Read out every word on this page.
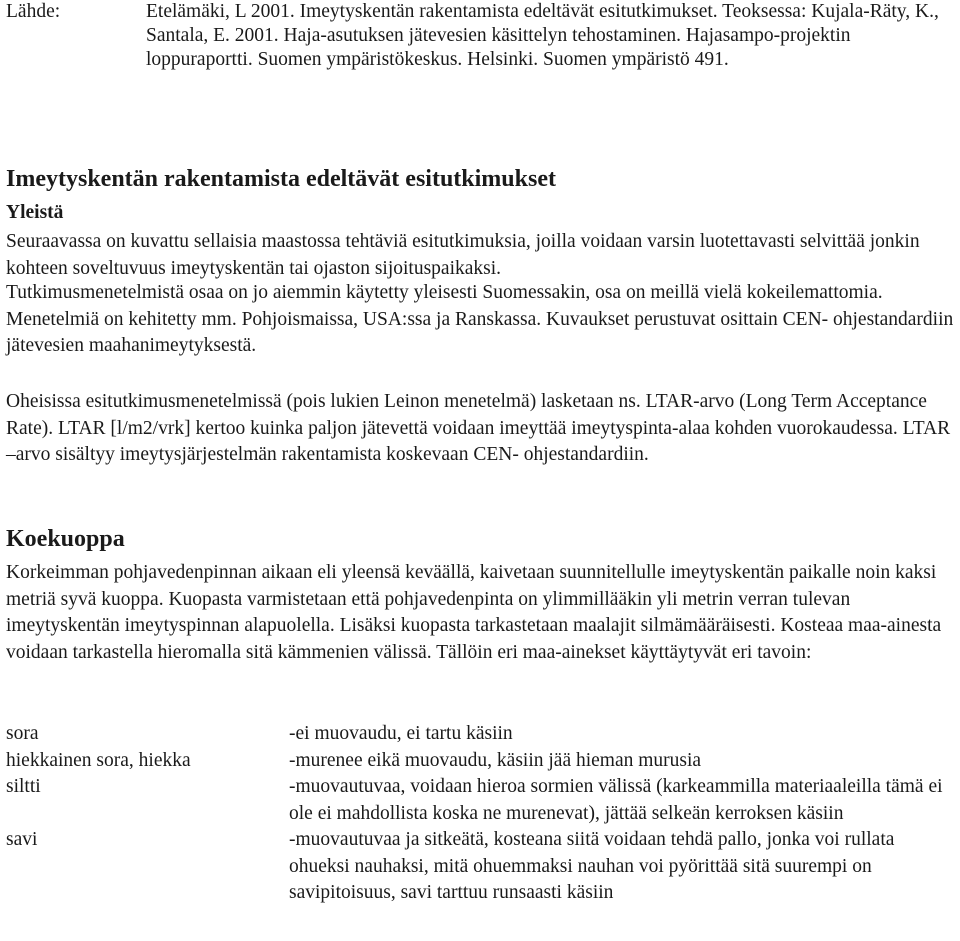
Lähde:	Etelämäki, L 2001. Imeytyskentän rakentamista edeltävät esitutkimukset. Teoksessa: Kujala-Räty, K., Santala, E. 2001. Haja-asutuksen jätevesien käsittelyn tehostaminen. Hajasampo-projektin loppuraportti. Suomen ympäristökeskus. Helsinki. Suomen ympäristö 491.
Imeytyskentän rakentamista edeltävät esitutkimukset
Yleistä
Seuraavassa on kuvattu sellaisia maastossa tehtäviä esitutkimuksia, joilla voidaan varsin luotettavasti selvittää jonkin kohteen soveltuvuus imeytyskentän tai ojaston sijoituspaikaksi.
Tutkimusmenetelmistä osaa on jo aiemmin käytetty yleisesti Suomessakin, osa on meillä vielä kokeilemattomia. Menetelmiä on kehitetty mm. Pohjoismaissa, USA:ssa ja Ranskassa. Kuvaukset perustuvat osittain CEN- ohjestandardiin jätevesien maahanimeytyksestä.
Oheisissa esitutkimusmenetelmissä (pois lukien Leinon menetelmä) lasketaan ns. LTAR-arvo (Long Term Acceptance Rate). LTAR [l/m2/vrk] kertoo kuinka paljon jätevettä voidaan imeyttää imeytyspinta-alaa kohden vuorokaudessa. LTAR –arvo sisältyy imeytysjärjestelmän rakentamista koskevaan CEN- ohjestandardiin.
Koekuoppa
Korkeimman pohjavedenpinnan aikaan eli yleensä keväällä, kaivetaan suunnitellulle imeytyskentän paikalle noin kaksi metriä syvä kuoppa. Kuopasta varmistetaan että pohjavedenpinta on ylimmillääkin yli metrin verran tulevan imeytyskentän imeytyspinnan alapuolella. Lisäksi kuopasta tarkastetaan maalajit silmämääräisesti. Kosteaa maa-ainesta voidaan tarkastella hieromalla sitä kämmenien välissä. Tällöin eri maa-ainekset käyttäytyvät eri tavoin:
sora	-ei muovaudu, ei tartu käsiin
hiekkainen sora, hiekka	-murenee eikä muovaudu, käsiin jää hieman murusia
siltti	-muovautuvaa, voidaan hieroa sormien välissä (karkeammilla materiaaleilla tämä ei ole ei mahdollista koska ne murenevat), jättää selkeän kerroksen käsiin
savi	-muovautuvaa ja sitkeätä, kosteana siitä voidaan tehdä pallo, jonka voi rullata ohueksi nauhaksi, mitä ohuemmaksi nauhan voi pyörittää sitä suurempi on savipitoisuus, savi tarttuu runsaasti käsiin
